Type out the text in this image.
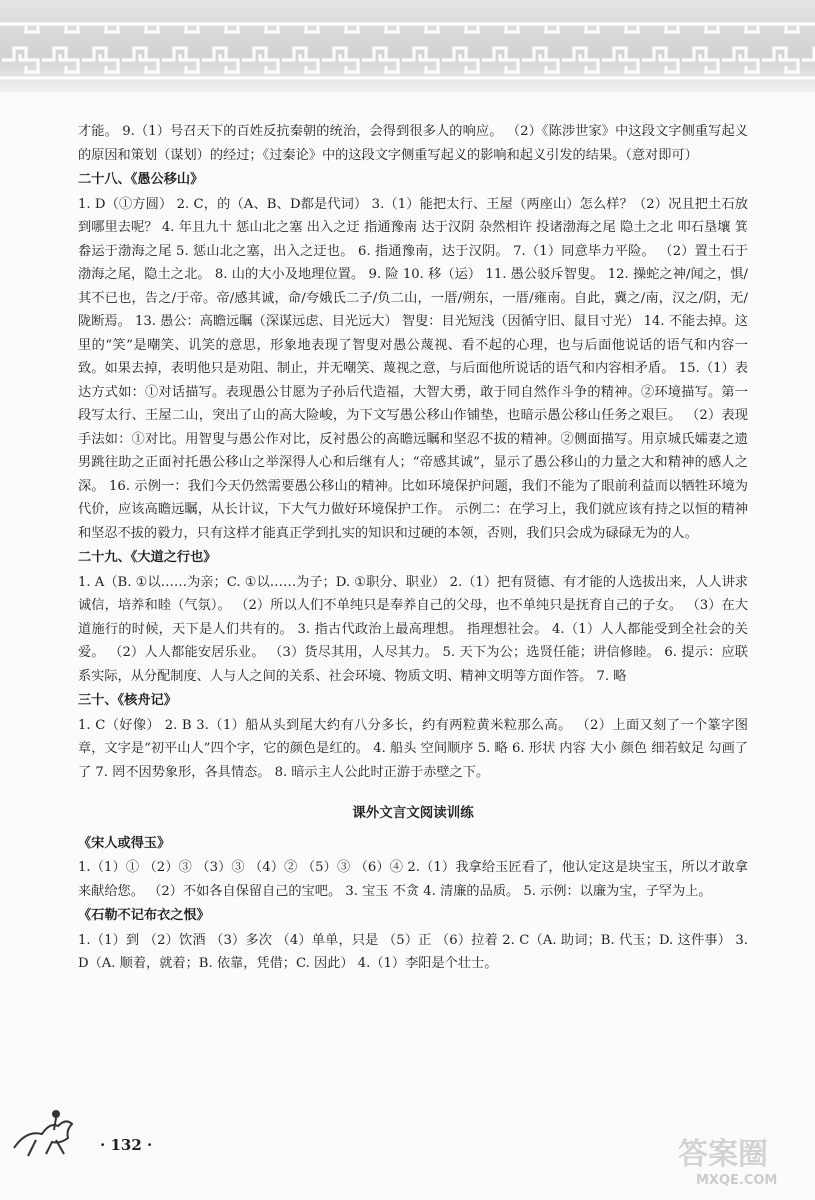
才能。 9.（1）号召天下的百姓反抗秦朝的统治，会得到很多人的响应。 （2）《陈涉世家》中这段文字侧重写起义的原因和策划（谋划）的经过；《过秦论》中的这段文字侧重写起义的影响和起义引发的结果。（意对即可）

二十八、《愚公移山》

1. D（①方圆） 2. C，的（A、B、D都是代词） 3.（1）能把太行、王屋（两座山）怎么样？（2）况且把土石放到哪里去呢？ 4. 年且九十 惩山北之塞 出入之迂 指通豫南 达于汉阴 杂然相许 投诸渤海之尾 隐土之北 叩石垦壤 箕畚运于渤海之尾 5. 惩山北之塞，出入之迂也。 6. 指通豫南，达于汉阴。 7.（1）同意毕力平险。 （2）置土石于渤海之尾，隐土之北。 8. 山的大小及地理位置。 9. 险 10. 移（运） 11. 愚公驳斥智叟。 12. 操蛇之神/闻之，惧/其不已也，告之/于帝。帝/感其诚，命/夸娥氏二子/负二山，一厝/朔东，一厝/雍南。自此，冀之/南，汉之/阴，无/陇断焉。 13. 愚公：高瞻远瞩（深谋远虑、目光远大） 智叟：目光短浅（因循守旧、鼠目寸光） 14. 不能去掉。这里的“笑”是嘲笑、讥笑的意思，形象地表现了智叟对愚公蔑视、看不起的心理，也与后面他说话的语气和内容一致。如果去掉，表明他只是劝阻、制止，并无嘲笑、蔑视之意，与后面他所说话的语气和内容相矛盾。 15.（1）表达方式如：①对话描写。表现愚公甘愿为子孙后代造福，大智大勇，敢于同自然作斗争的精神。②环境描写。第一段写太行、王屋二山，突出了山的高大险峻，为下文写愚公移山作铺垫，也暗示愚公移山任务之艰巨。 （2）表现手法如：①对比。用智叟与愚公作对比，反衬愚公的高瞻远瞩和坚忍不拔的精神。②侧面描写。用京城氏孀妻之遗男跳往助之正面衬托愚公移山之举深得人心和后继有人；“帝感其诚”，显示了愚公移山的力量之大和精神的感人之深。 16. 示例一：我们今天仍然需要愚公移山的精神。比如环境保护问题，我们不能为了眼前利益而以牺牲环境为代价，应该高瞻远瞩，从长计议，下大气力做好环境保护工作。 示例二：在学习上，我们就应该有持之以恒的精神和坚忍不拔的毅力，只有这样才能真正学到扎实的知识和过硬的本领，否则，我们只会成为碌碌无为的人。

二十九、《大道之行也》

1. A（B. ①以……为亲；C. ①以……为子；D. ①职分、职业） 2.（1）把有贤德、有才能的人选拔出来，人人讲求诚信，培养和睦（气氛）。 （2）所以人们不单纯只是奉养自己的父母，也不单纯只是抚育自己的子女。 （3）在大道施行的时候，天下是人们共有的。 3. 指古代政治上最高理想。 指理想社会。 4.（1）人人都能受到全社会的关爱。 （2）人人都能安居乐业。 （3）货尽其用，人尽其力。 5. 天下为公；选贤任能；讲信修睦。 6. 提示：应联系实际，从分配制度、人与人之间的关系、社会环境、物质文明、精神文明等方面作答。 7. 略

三十、《核舟记》

1. C（好像） 2. B 3.（1）船从头到尾大约有八分多长，约有两粒黄米粒那么高。 （2）上面又刻了一个篆字图章，文字是“初平山人”四个字，它的颜色是红的。 4. 船头 空间顺序 5. 略 6. 形状 内容 大小 颜色 细若蚊足 勾画了了 7. 罔不因势象形，各具情态。 8. 暗示主人公此时正游于赤壁之下。

课外文言文阅读训练
《宋人或得玉》

1.（1）① （2）③ （3）③ （4）② （5）③ （6）④ 2.（1）我拿给玉匠看了，他认定这是块宝玉，所以才敢拿来献给您。 （2）不如各自保留自己的宝吧。 3. 宝玉 不贪 4. 清廉的品质。 5. 示例：以廉为宝，子罕为上。

《石勒不记布衣之恨》

1.（1）到 （2）饮酒 （3）多次 （4）单单，只是 （5）正 （6）拉着 2. C（A. 助词；B. 代玉；D. 这件事） 3. D（A. 顺着，就着；B. 依靠，凭借；C. 因此） 4.（1）李阳是个壮士。

· 132 ·	答案圈
MXQE.COM
